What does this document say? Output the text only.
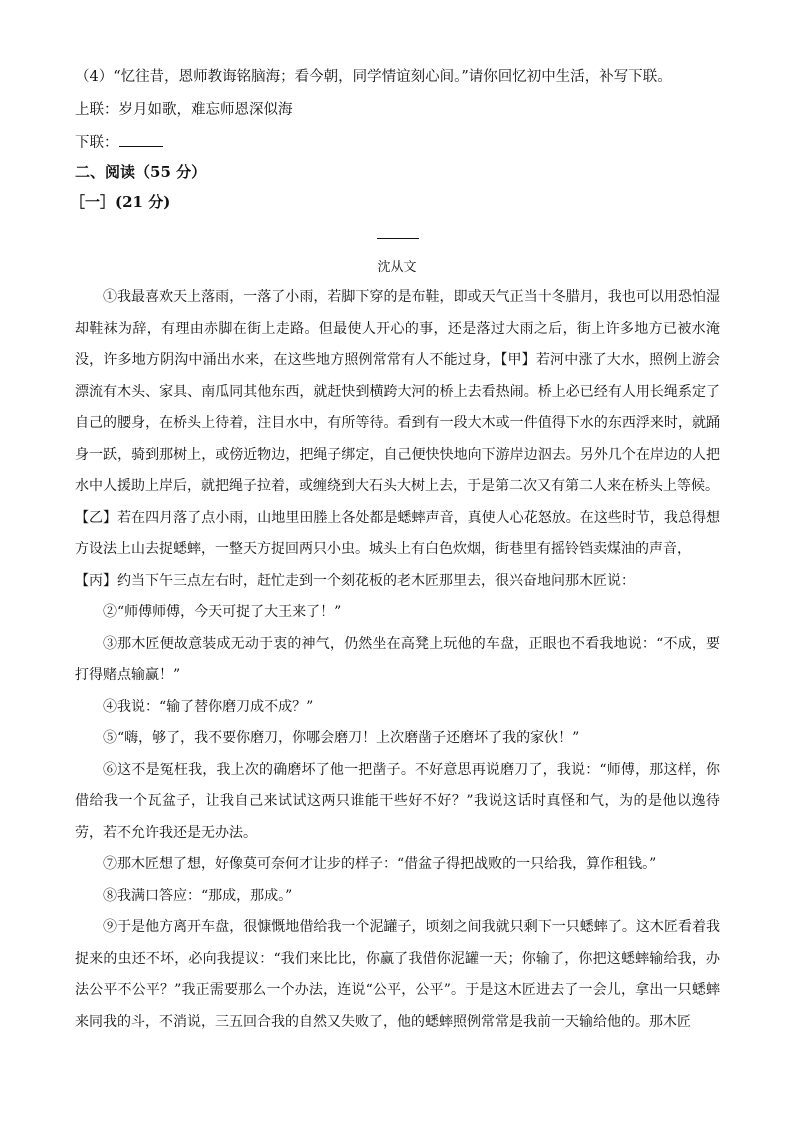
（4）“忆往昔，恩师教诲铭脑海；看今朝，同学情谊刻心间。”请你回忆初中生活，补写下联。
上联：岁月如歌，难忘师恩深似海
下联：
二、阅读（55 分）
［一］(21 分)
沈从文

①我最喜欢天上落雨，一落了小雨，若脚下穿的是布鞋，即或天气正当十冬腊月，我也可以用恐怕湿却鞋袜为辞，有理由赤脚在街上走路。但最使人开心的事，还是落过大雨之后，街上许多地方已被水淹没，许多地方阴沟中涌出水来，在这些地方照例常常有人不能过身，【甲】若河中涨了大水，照例上游会漂流有木头、家具、南瓜同其他东西，就赶快到横跨大河的桥上去看热闹。桥上必已经有人用长绳系定了自己的腰身，在桥头上待着，注目水中，有所等待。看到有一段大木或一件值得下水的东西浮来时，就踊身一跃，骑到那树上，或傍近物边，把绳子绑定，自己便快快地向下游岸边泅去。另外几个在岸边的人把水中人援助上岸后，就把绳子拉着，或缠绕到大石头大树上去，于是第二次又有第二人来在桥头上等候。

【乙】若在四月落了点小雨，山地里田塍上各处都是蟋蟀声音，真使人心花怒放。在这些时节，我总得想方设法上山去捉蟋蟀，一整天方捉回两只小虫。城头上有白色炊烟，街巷里有摇铃铛卖煤油的声音，

【丙】约当下午三点左右时，赶忙走到一个刻花板的老木匠那里去，很兴奋地问那木匠说：

②“师傅师傅，今天可捉了大王来了！”

③那木匠便故意装成无动于衷的神气，仍然坐在高凳上玩他的车盘，正眼也不看我地说：“不成，要打得赌点输赢！”

④我说：“输了替你磨刀成不成？”

⑤“嗨，够了，我不要你磨刀，你哪会磨刀！上次磨凿子还磨坏了我的家伙！”

⑥这不是冤枉我，我上次的确磨坏了他一把凿子。不好意思再说磨刀了，我说：“师傅，那这样，你借给我一个瓦盆子，让我自己来试试这两只谁能干些好不好？”我说这话时真怪和气，为的是他以逸待劳，若不允许我还是无办法。

⑦那木匠想了想，好像莫可奈何才让步的样子：“借盆子得把战败的一只给我，算作租钱。”

⑧我满口答应：“那成，那成。”

⑨于是他方离开车盘，很慷慨地借给我一个泥罐子，顷刻之间我就只剩下一只蟋蟀了。这木匠看着我捉来的虫还不坏，必向我提议：“我们来比比，你赢了我借你泥罐一天；你输了，你把这蟋蟀输给我，办法公平不公平？”我正需要那么一个办法，连说“公平，公平”。于是这木匠进去了一会儿，拿出一只蟋蟀来同我的斗，不消说，三五回合我的自然又失败了，他的蟋蟀照例常常是我前一天输给他的。那木匠
